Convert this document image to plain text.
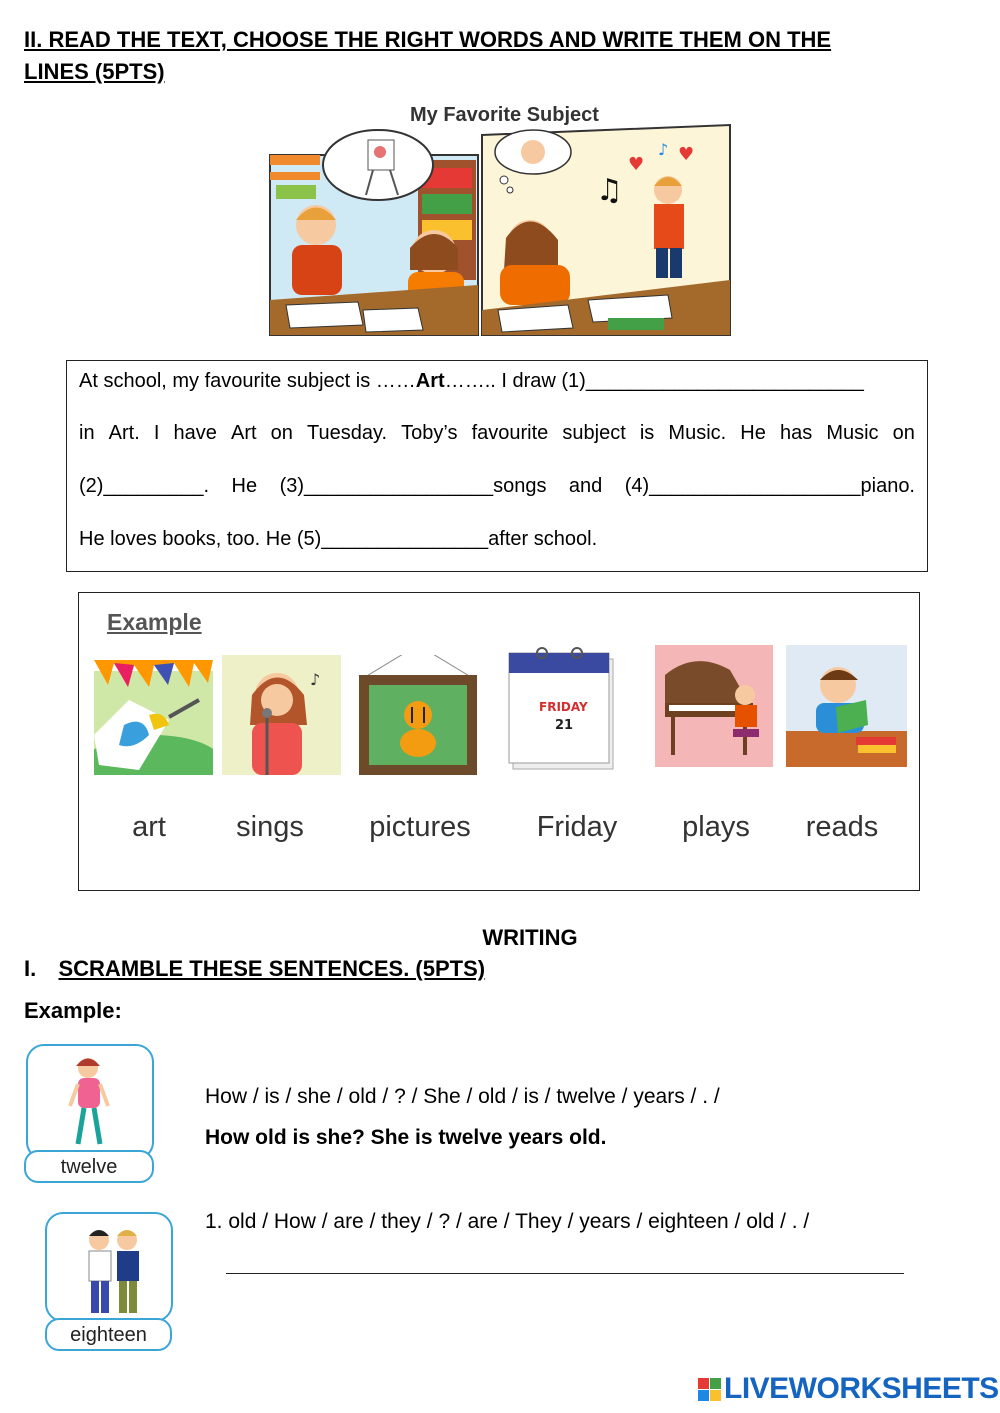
II. READ THE TEXT, CHOOSE THE RIGHT WORDS AND WRITE THEM ON THE
LINES (5PTS)
My Favorite Subject
♫
♥ ♥
♪
At school, my favourite subject is ……Art…….. I draw (1)_________________________
in Art. I have Art on Tuesday. Toby’s favourite subject is Music. He has Music on
(2)_________. He (3)_________________songs and (4)___________________piano.
He loves books, too. He (5)_______________after school.
Example
♪
FRIDAY
21
art	sings	pictures	Friday	plays	reads
WRITING
I. SCRAMBLE THESE SENTENCES. (5PTS)
Example:
twelve
How / is / she / old / ? / She / old / is / twelve / years / . /
How old is she? She is twelve years old.
eighteen
1. old / How / are / they / ? / are / They / years / eighteen / old / . /
LIVEWORKSHEETS
